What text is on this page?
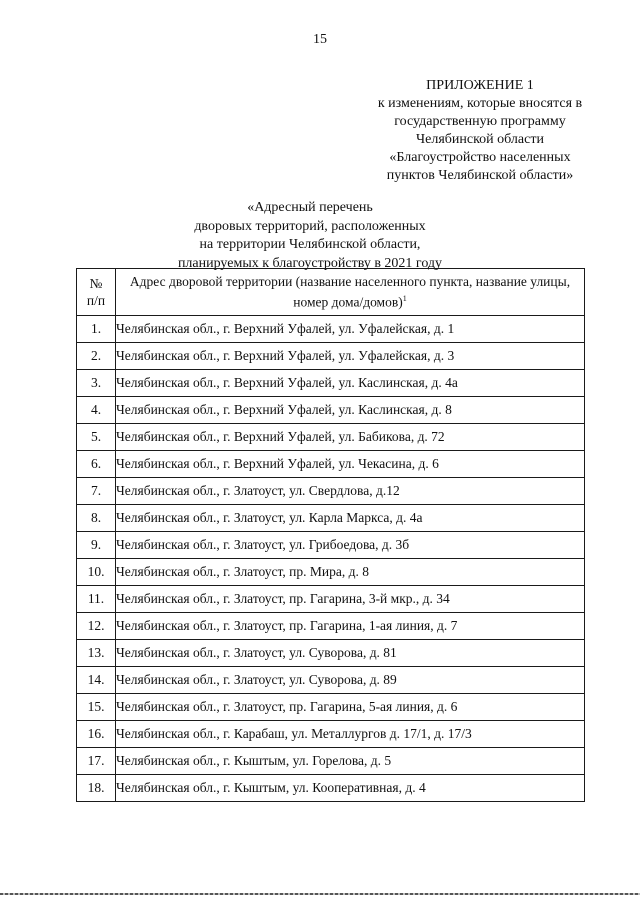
15
ПРИЛОЖЕНИЕ 1
к изменениям, которые вносятся в
государственную программу
Челябинской области
«Благоустройство населенных
пунктов Челябинской области»
«Адресный перечень
дворовых территорий, расположенных
на территории Челябинской области,
планируемых к благоустройству в 2021 году
№
п/п	Адрес дворовой территории (название населенного пункта, название улицы, номер дома/домов)$^1$
1.	Челябинская обл., г. Верхний Уфалей, ул. Уфалейская, д. 1
2.	Челябинская обл., г. Верхний Уфалей, ул. Уфалейская, д. 3
3.	Челябинская обл., г. Верхний Уфалей, ул. Каслинская, д. 4а
4.	Челябинская обл., г. Верхний Уфалей, ул. Каслинская, д. 8
5.	Челябинская обл., г. Верхний Уфалей, ул. Бабикова, д. 72
6.	Челябинская обл., г. Верхний Уфалей, ул. Чекасина, д. 6
7.	Челябинская обл., г. Златоуст, ул. Свердлова, д.12
8.	Челябинская обл., г. Златоуст, ул. Карла Маркса, д. 4а
9.	Челябинская обл., г. Златоуст, ул. Грибоедова, д. 3б
10.	Челябинская обл., г. Златоуст, пр. Мира, д. 8
11.	Челябинская обл., г. Златоуст, пр. Гагарина, 3-й мкр., д. 34
12.	Челябинская обл., г. Златоуст, пр. Гагарина, 1-ая линия, д. 7
13.	Челябинская обл., г. Златоуст, ул. Суворова, д. 81
14.	Челябинская обл., г. Златоуст, ул. Суворова, д. 89
15.	Челябинская обл., г. Златоуст, пр. Гагарина, 5-ая линия, д. 6
16.	Челябинская обл., г. Карабаш, ул. Металлургов д. 17/1, д. 17/3
17.	Челябинская обл., г. Кыштым, ул. Горелова, д. 5
18.	Челябинская обл., г. Кыштым, ул. Кооперативная, д. 4
